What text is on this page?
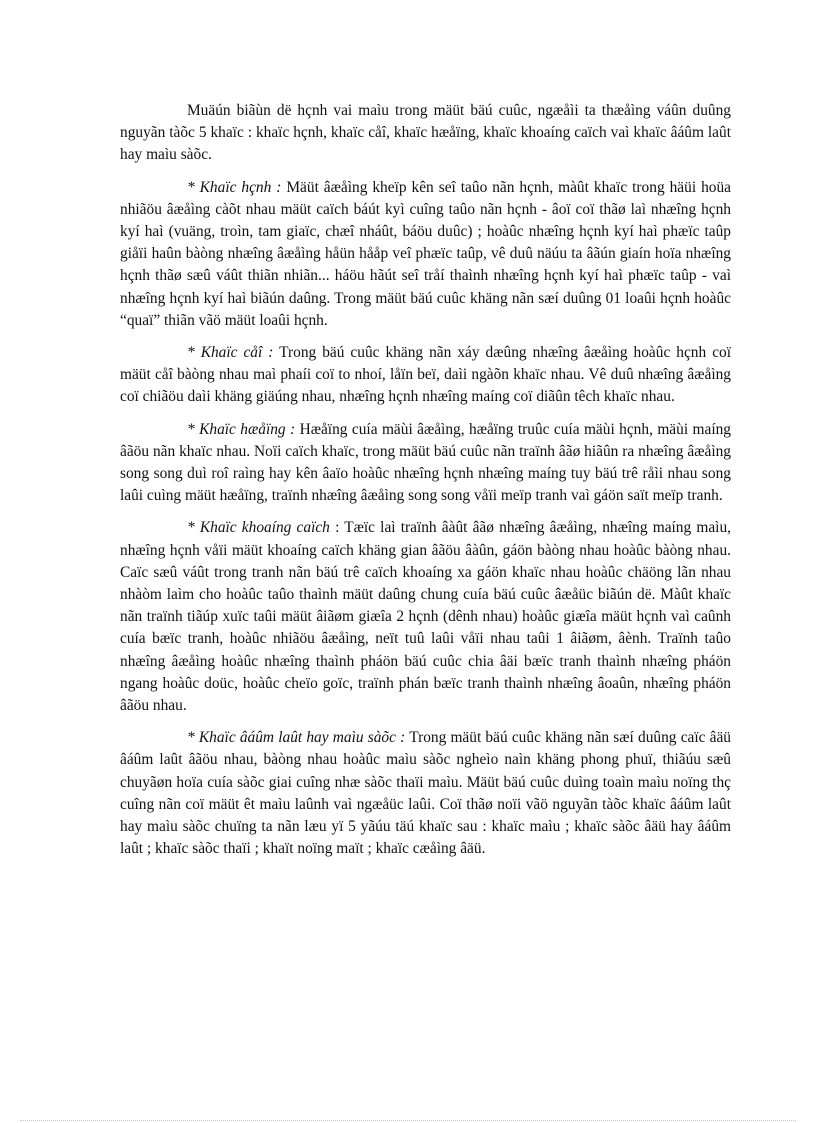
Muäún biãùn dë hçnh vai maìu trong mäüt bäú cuûc, ngæåìi ta thæåìng váûn duûng nguyãn tàõc 5 khaïc : khaïc hçnh, khaïc cåî, khaïc hæåïng, khaïc khoaíng caïch vaì khaïc âáûm laût hay maìu sàõc.

* Khaïc hçnh : Mäüt âæåìng kheïp kên seî taûo nãn hçnh, màût khaïc trong häüi hoüa nhiãöu âæåìng càõt nhau mäüt caïch báút kyì cuîng taûo nãn hçnh - âoï coï thãø laì nhæîng hçnh kyí haì (vuäng, troìn, tam giaïc, chæî nháût, báöu duûc) ; hoàûc nhæîng hçnh kyí haì phæïc taûp giåïi haûn bàòng nhæîng âæåìng håün hååp veî phæïc taûp, vê duû näúu ta âãún giaín hoïa nhæîng hçnh thãø sæû váût thiãn nhiãn... háöu hãút seî tråí thaình nhæîng hçnh kyí haì phæïc taûp - vaì nhæîng hçnh kyí haì biãún daûng. Trong mäüt bäú cuûc khäng nãn sæí duûng 01 loaûi hçnh hoàûc “quaï” thiãn vãö mäüt loaûi hçnh.

* Khaïc cåî : Trong bäú cuûc khäng nãn xáy dæûng nhæîng âæåìng hoàûc hçnh coï mäüt cåî bàòng nhau maì phaíi coï to nhoí, låïn beï, daìi ngàõn khaïc nhau. Vê duû nhæîng âæåìng coï chiãöu daìi khäng giäúng nhau, nhæîng hçnh nhæîng maíng coï diãûn têch khaïc nhau.

* Khaïc hæåïng : Hæåïng cuía mäùi âæåìng, hæåïng truûc cuía mäùi hçnh, mäùi maíng âãöu nãn khaïc nhau. Noïi caïch khaïc, trong mäüt bäú cuûc nãn traïnh âãø hiãûn ra nhæîng âæåìng song song duì roî raìng hay kên âaïo hoàûc nhæîng hçnh nhæîng maíng tuy bäú trê råìi nhau song laûi cuìng mäüt hæåïng, traïnh nhæîng âæåìng song song våïi meïp tranh vaì gáön saït meïp tranh.

* Khaïc khoaíng caïch : Tæïc laì traïnh âàût âãø nhæîng âæåìng, nhæîng maíng maìu, nhæîng hçnh våïi mäüt khoaíng caïch khäng gian âãöu âàûn, gáön bàòng nhau hoàûc bàòng nhau. Caïc sæû váût trong tranh nãn bäú trê caïch khoaíng xa gáön khaïc nhau hoàûc chäöng lãn nhau nhàòm laìm cho hoàûc taûo thaình mäüt daûng chung cuía bäú cuûc âæåüc biãún dë. Màût khaïc nãn traïnh tiãúp xuïc taûi mäüt âiãøm giæîa 2 hçnh (dênh nhau) hoàûc giæîa mäüt hçnh vaì caûnh cuía bæïc tranh, hoàûc nhiãöu âæåìng, neït tuû laûi våïi nhau taûi 1 âiãøm, âènh. Traïnh taûo nhæîng âæåìng hoàûc nhæîng thaình pháön bäú cuûc chia âäi bæïc tranh thaình nhæîng pháön ngang hoàûc doüc, hoàûc cheïo goïc, traïnh phán bæïc tranh thaình nhæîng âoaûn, nhæîng pháön âãöu nhau.

* Khaïc âáûm laût hay maìu sàõc : Trong mäüt bäú cuûc khäng nãn sæí duûng caïc âäü âáûm laût âãöu nhau, bàòng nhau hoàûc maìu sàõc ngheìo naìn khäng phong phuï, thiãúu sæû chuyãøn hoïa cuía sàõc giai cuîng nhæ sàõc thaïi maìu. Mäüt bäú cuûc duìng toaìn maìu noïng thç cuîng nãn coï mäüt êt maìu laûnh vaì ngæåüc laûi. Coï thãø noïi vãö nguyãn tàõc khaïc âáûm laût hay maìu sàõc chuïng ta nãn læu yï 5 yãúu täú khaïc sau : khaïc maìu ; khaïc sàõc âäü hay âáûm laût ; khaïc sàõc thaïi ; khaït noïng maït ; khaïc cæåìng âäü.
